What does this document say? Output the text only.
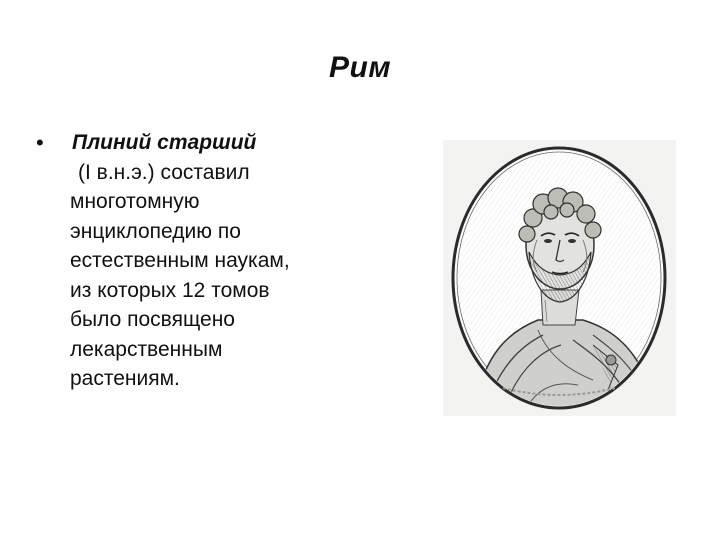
Рим
•	Плиний старший
(I в.н.э.) составил
многотомную
энциклопедию по
естественным наукам,
из которых 12 томов
было посвящено
лекарственным
растениям.
